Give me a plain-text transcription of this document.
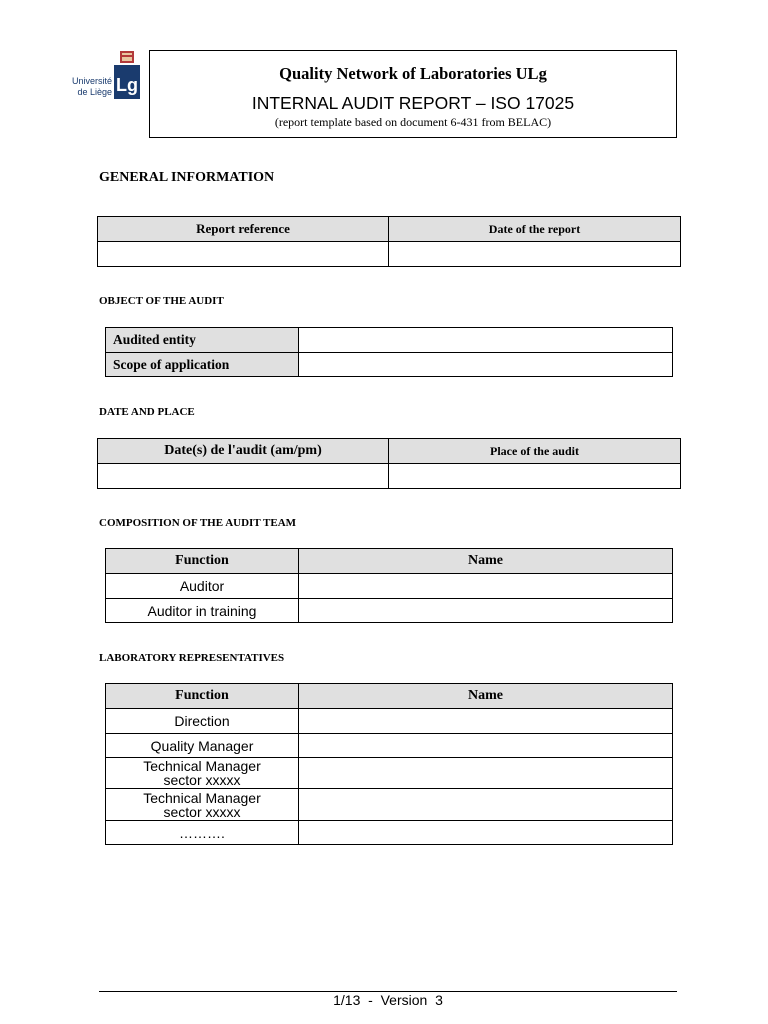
Université
de Liège Lg
Quality Network of Laboratories ULg
INTERNAL AUDIT REPORT – ISO 17025
(report template based on document 6-431 from BELAC)
GENERAL INFORMATION
Report reference	Date of the report

OBJECT OF THE AUDIT
Audited entity	
Scope of application	
DATE AND PLACE
Date(s) de l'audit (am/pm)	Place of the audit

COMPOSITION OF THE AUDIT TEAM
Function	Name
Auditor	
Auditor in training	
LABORATORY REPRESENTATIVES
Function	Name
Direction	
Quality Manager	

Technical Manager
sector xxxxx	

Technical Manager
sector xxxxx	

……….	
1/13  -  Version  3
